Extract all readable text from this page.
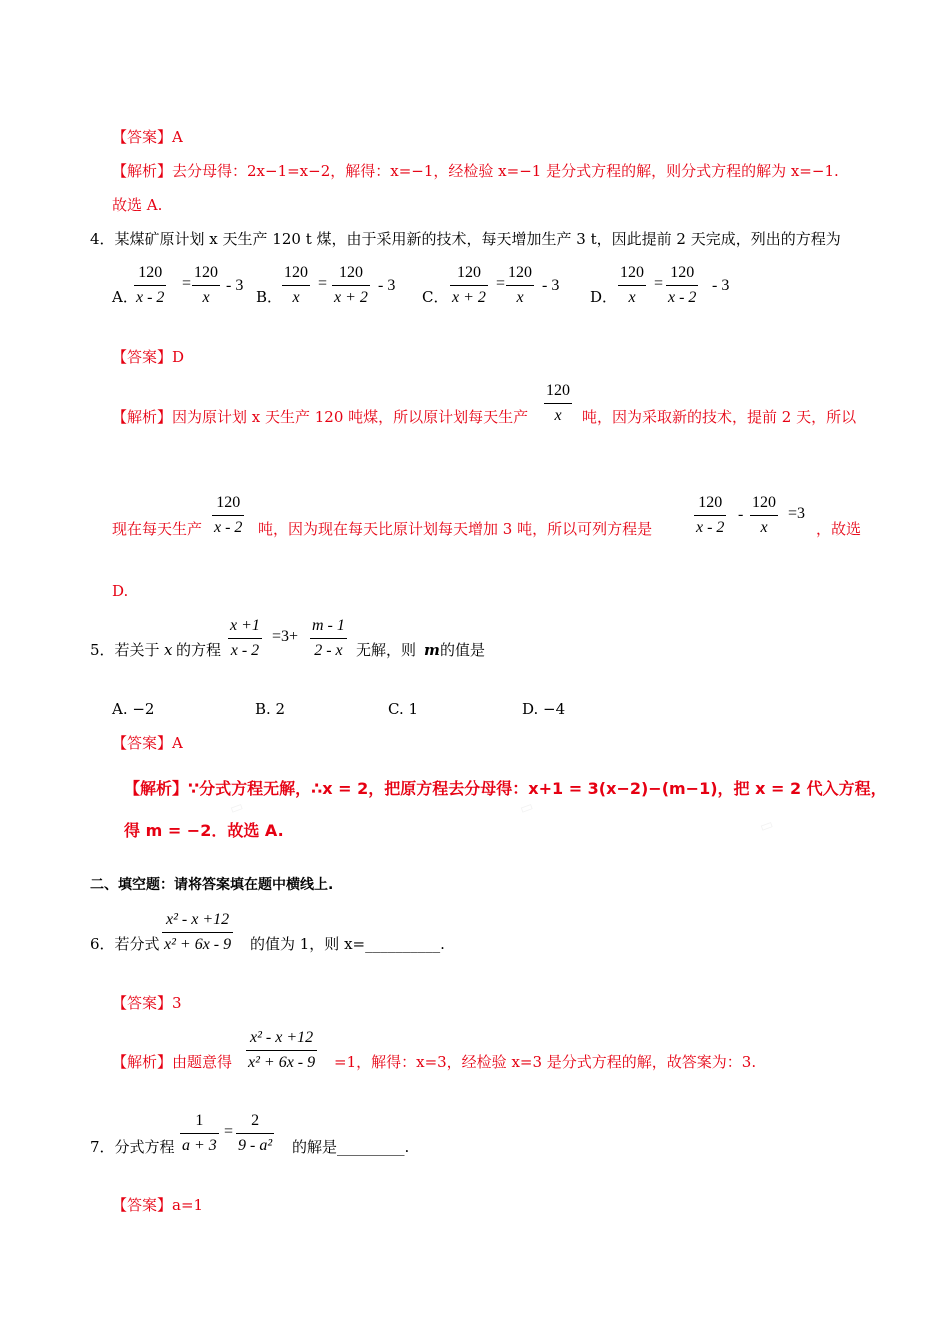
【答案】A
【解析】去分母得：2x−1=x−2，解得：x=−1，经检验 x=−1 是分式方程的解，则分式方程的解为 x=−1.
故选 A.
4．某煤矿原计划 x 天生产 120 t 煤，由于采用新的技术，每天增加生产 3 t，因此提前 2 天完成，列出的方程为
A．
$\frac{120}{x - 2} = \frac{120}{x} - 3$
B． $\frac{120}{x} = \frac{120}{x + 2} - 3$
C． $\frac{120}{x + 2} = \frac{120}{x} - 3$
D． $\frac{120}{x} = \frac{120}{x - 2} - 3$
【答案】D
【解析】因为原计划 x 天生产 120 吨煤，所以原计划每天生产 $\frac{120}{x}$ 吨，因为采取新的技术，提前 2 天，所以
现在每天生产 $\frac{120}{x - 2}$ 吨，因为现在每天比原计划每天增加 3 吨，所以可列方程是	$\frac{120}{x - 2} - \frac{120}{x} =3$
，故选
D.
5．若关于 x 的方程 $\frac{x +1}{x - 2} =3+ \frac{m - 1}{2 - x}$ 无解，则 m 的值是
A. −2	B. 2	C. 1	D. −4
【答案】A
▭	▭
▭
【解析】∵分式方程无解，∴x = 2，把原方程去分母得：x+1 = 3(x−2)−(m−1)，把 x = 2 代入方程，
得 m = −2．故选 A.
二、填空题：请将答案填在题中横线上.
6．若分式 $\frac{\text{x² - x +12}}{\text{x² + 6x - 9}}$ 的值为 1，则 x=__________.
【答案】3
【解析】由题意得 $\frac{\text{x² - x +12}}{\text{x² + 6x - 9}} =1$，解得：x=3，经检验 x=3 是分式方程的解，故答案为：3.
7．分式方程 $\frac{1}{a + 3} = \frac{2}{\text{9 - a²}}$ 的解是_________.
【答案】a=1
